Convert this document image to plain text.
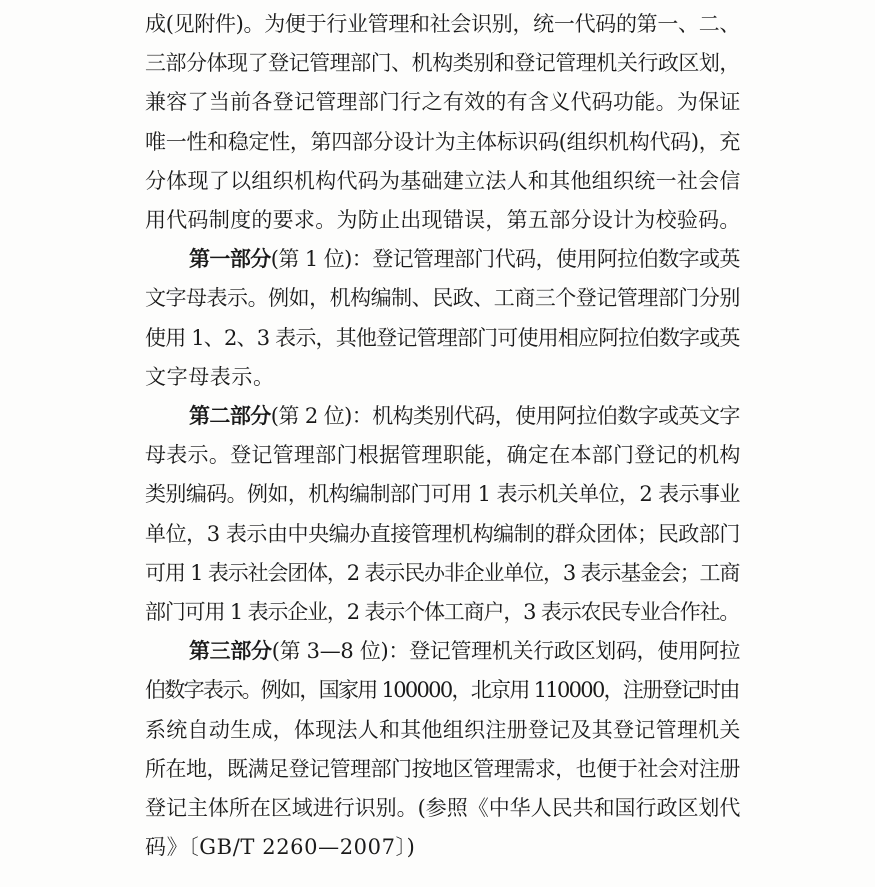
成(见附件)。为便于行业管理和社会识别，统一代码的第一、二、
三部分体现了登记管理部门、机构类别和登记管理机关行政区划，
兼容了当前各登记管理部门行之有效的有含义代码功能。为保证
唯一性和稳定性，第四部分设计为主体标识码(组织机构代码)，充
分体现了以组织机构代码为基础建立法人和其他组织统一社会信
用代码制度的要求。为防止出现错误，第五部分设计为校验码。
第一部分(第 1 位)：登记管理部门代码，使用阿拉伯数字或英
文字母表示。例如，机构编制、民政、工商三个登记管理部门分别
使用 1、2、3 表示，其他登记管理部门可使用相应阿拉伯数字或英
文字母表示。
第二部分(第 2 位)：机构类别代码，使用阿拉伯数字或英文字
母表示。登记管理部门根据管理职能，确定在本部门登记的机构
类别编码。例如，机构编制部门可用 1 表示机关单位，2 表示事业
单位，3 表示由中央编办直接管理机构编制的群众团体；民政部门
可用 1 表示社会团体，2 表示民办非企业单位，3 表示基金会；工商
部门可用 1 表示企业，2 表示个体工商户，3 表示农民专业合作社。
第三部分(第 3—8 位)：登记管理机关行政区划码，使用阿拉
伯数字表示。例如，国家用 100000，北京用 110000，注册登记时由
系统自动生成，体现法人和其他组织注册登记及其登记管理机关
所在地，既满足登记管理部门按地区管理需求，也便于社会对注册
登记主体所在区域进行识别。(参照《中华人民共和国行政区划代
码》〔GB/T 2260—2007〕)
